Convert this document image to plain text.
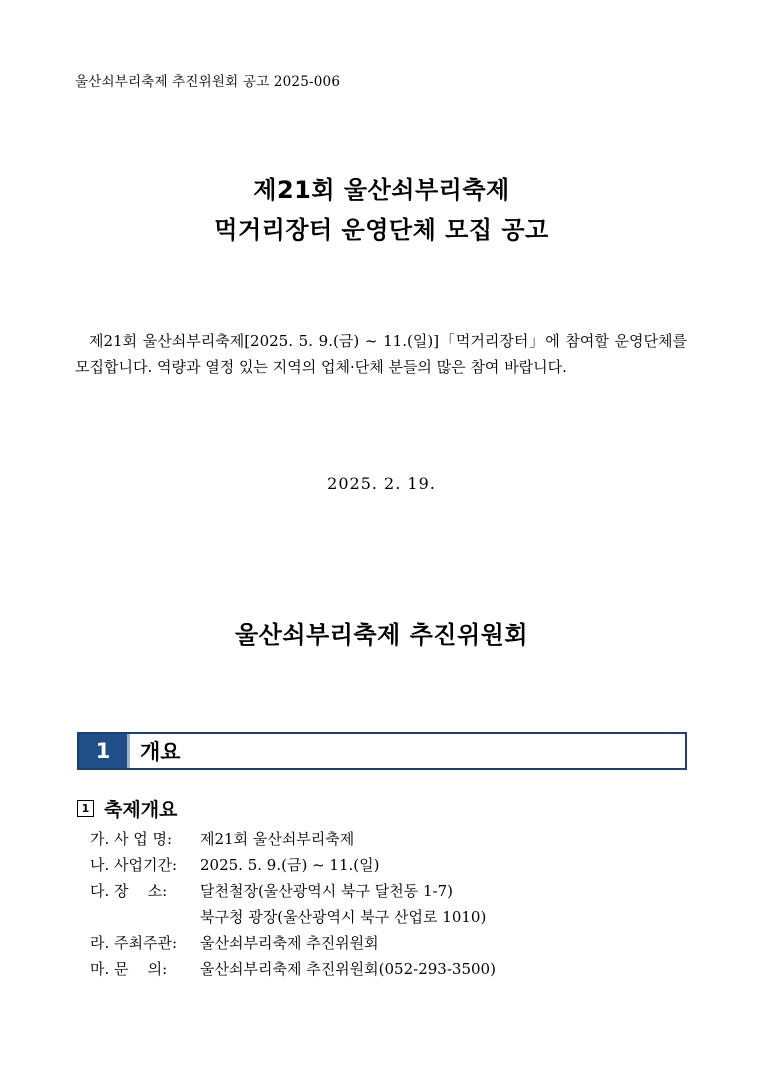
울산쇠부리축제 추진위원회 공고 2025-006
제21회 울산쇠부리축제
먹거리장터 운영단체 모집 공고
제21회 울산쇠부리축제[2025. 5. 9.(금) ~ 11.(일)]「먹거리장터」에 참여할 운영단체를 모집합니다. 역량과 열정 있는 지역의 업체·단체 분들의 많은 참여 바랍니다.
2025. 2. 19.
울산쇠부리축제 추진위원회
1	개요
1 축제개요
가. 사 업 명:	제21회 울산쇠부리축제
나. 사업기간:	2025. 5. 9.(금) ~ 11.(일)
다. 장    소:	달천철장(울산광역시 북구 달천동 1-7)
북구청 광장(울산광역시 북구 산업로 1010)
라. 주최주관:	울산쇠부리축제 추진위원회
마. 문    의:	울산쇠부리축제 추진위원회(052-293-3500)
